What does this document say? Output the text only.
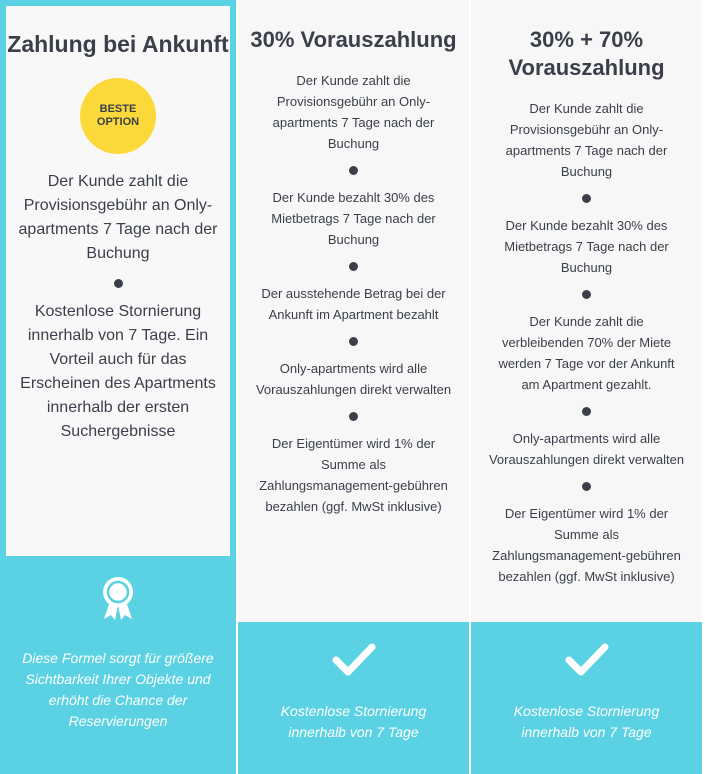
Zahlung bei Ankunft
BESTE
OPTION
Der Kunde zahlt die Provisionsgebühr an Only-apartments 7 Tage nach der Buchung
Kostenlose Stornierung innerhalb von 7 Tage. Ein Vorteil auch für das Erscheinen des Apartments innerhalb der ersten Suchergebnisse
Diese Formel sorgt für größere Sichtbarkeit Ihrer Objekte und erhöht die Chance der Reservierungen
30% Vorauszahlung
Der Kunde zahlt die Provisionsgebühr an Only-apartments 7 Tage nach der Buchung
Der Kunde bezahlt 30% des Mietbetrags 7 Tage nach der Buchung
Der ausstehende Betrag bei der Ankunft im Apartment bezahlt
Only-apartments wird alle Vorauszahlungen direkt verwalten
Der Eigentümer wird 1% der Summe als Zahlungsmanagement-gebühren bezahlen (ggf. MwSt inklusive)
Kostenlose Stornierung innerhalb von 7 Tage
30% + 70% Vorauszahlung
Der Kunde zahlt die Provisionsgebühr an Only-apartments 7 Tage nach der Buchung
Der Kunde bezahlt 30% des Mietbetrags 7 Tage nach der Buchung
Der Kunde zahlt die verbleibenden 70% der Miete werden 7 Tage vor der Ankunft am Apartment gezahlt.
Only-apartments wird alle Vorauszahlungen direkt verwalten
Der Eigentümer wird 1% der Summe als Zahlungsmanagement-gebühren bezahlen (ggf. MwSt inklusive)
Kostenlose Stornierung innerhalb von 7 Tage
